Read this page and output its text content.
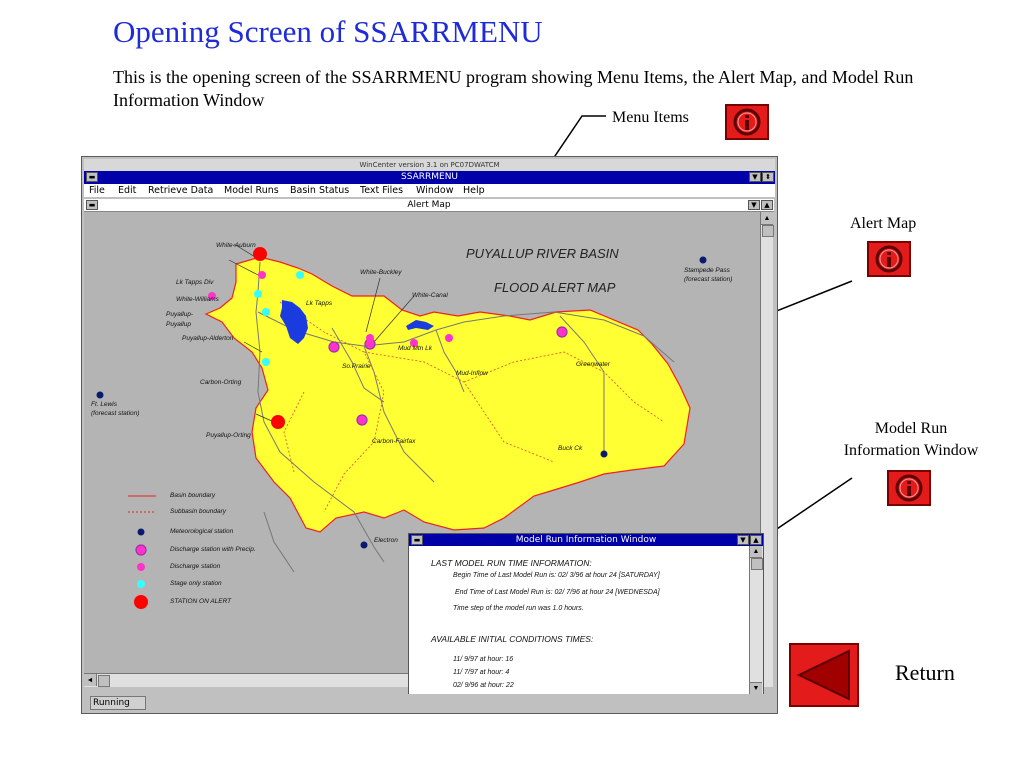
Opening Screen of SSARRMENU
This is the opening screen of the SSARRMENU program showing Menu Items, the Alert Map, and Model Run Information Window
Menu Items
Alert Map
Model Run
Information Window
Return
WinCenter version 3.1 on PC07DWATCM
▬	SSARRMENU	▼	⬍
File Edit Retrieve Data Model Runs Basin Status Text Files Window Help
▬	Alert Map	▼	▲
PUYALLUP RIVER BASIN
FLOOD ALERT MAP
White-Auburn
Lk Tapps Div
White-Williams
Puyallup-
Puyallup
Puyallup-Alderton
Lk Tapps
White-Buckley
White-Canal
Mud Mtn Lk
Mud-Inflow
So.Prairie
Carbon-Orting
Greenwater
Stampede Pass
(forecast station)
Ft. Lewis
(forecast station)
Puyallup-Orting
Carbon-Fairfax
Buck Ck
Electron
Basin boundary
Subbasin boundary
Meteorological station
Discharge station with Precip.
Discharge station
Stage only station
STATION ON ALERT
▲
◄
▬	Model Run Information Window	▼	▲
LAST MODEL RUN TIME INFORMATION:
Begin Time of Last Model Run is: 02/ 3/96 at hour 24 [SATURDAY]
End Time of Last Model Run is: 02/ 7/96 at hour 24 [WEDNESDA]
Time step of the model run was 1.0 hours.
AVAILABLE INITIAL CONDITIONS TIMES:
11/ 9/97 at hour: 16
11/ 7/97 at hour: 4
02/ 9/96 at hour: 22
▲
▼
Running
